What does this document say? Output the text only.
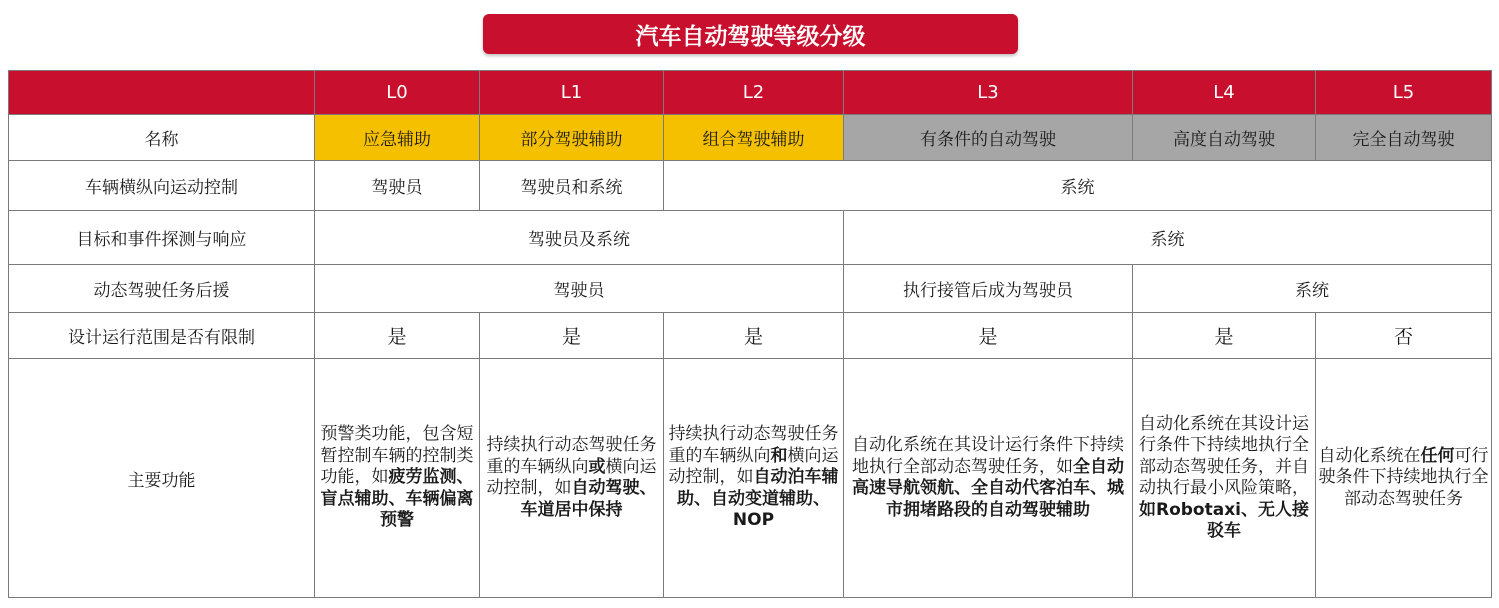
汽车自动驾驶等级分级
	L0	L1	L2	L3	L4	L5
名称	应急辅助	部分驾驶辅助	组合驾驶辅助	有条件的自动驾驶	高度自动驾驶	完全自动驾驶
车辆横纵向运动控制	驾驶员	驾驶员和系统	系统			
目标和事件探测与响应	驾驶员及系统			系统		
动态驾驶任务后援	驾驶员			执行接管后成为驾驶员	系统	
设计运行范围是否有限制	是	是	是	是	是	否
主要功能	预警类功能，包含短暂控制车辆的控制类功能，如疲劳监测、盲点辅助、车辆偏离预警	持续执行动态驾驶任务重的车辆纵向或横向运动控制，如自动驾驶、车道居中保持	持续执行动态驾驶任务重的车辆纵向和横向运动控制，如自动泊车辅助、自动变道辅助、NOP	自动化系统在其设计运行条件下持续地执行全部动态驾驶任务，如全自动高速导航领航、全自动代客泊车、城市拥堵路段的自动驾驶辅助	自动化系统在其设计运行条件下持续地执行全部动态驾驶任务，并自动执行最小风险策略，如Robotaxi、无人接驳车	自动化系统在任何可行驶条件下持续地执行全部动态驾驶任务
